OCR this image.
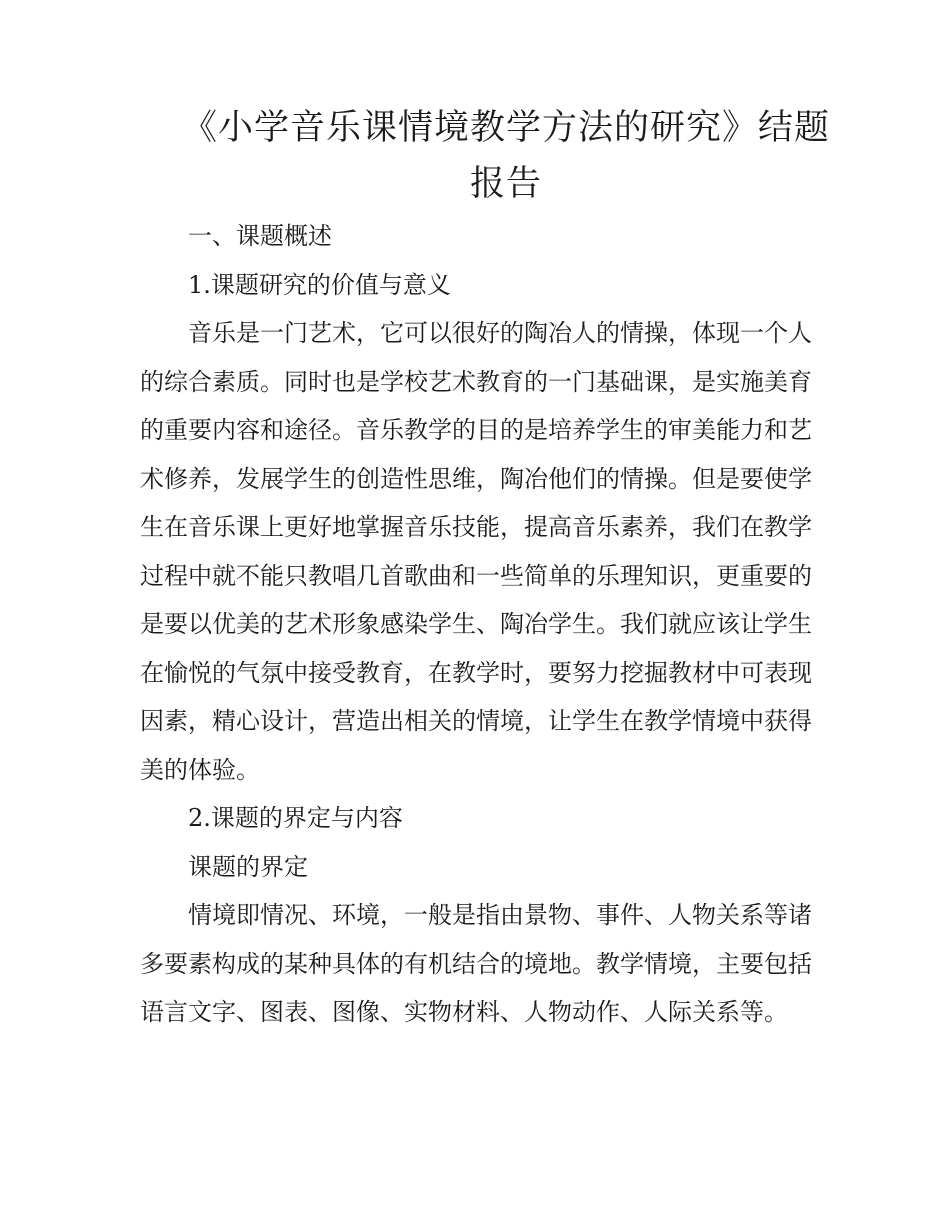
《小学音乐课情境教学方法的研究》结题
报告

一、课题概述

1.课题研究的价值与意义

音乐是一门艺术，它可以很好的陶冶人的情操，体现一个人的综合素质。同时也是学校艺术教育的一门基础课，是实施美育的重要内容和途径。音乐教学的目的是培养学生的审美能力和艺术修养，发展学生的创造性思维，陶冶他们的情操。但是要使学生在音乐课上更好地掌握音乐技能，提高音乐素养，我们在教学过程中就不能只教唱几首歌曲和一些简单的乐理知识，更重要的是要以优美的艺术形象感染学生、陶冶学生。我们就应该让学生在愉悦的气氛中接受教育，在教学时，要努力挖掘教材中可表现因素，精心设计，营造出相关的情境，让学生在教学情境中获得美的体验。

2.课题的界定与内容

课题的界定

情境即情况、环境，一般是指由景物、事件、人物关系等诸多要素构成的某种具体的有机结合的境地。教学情境，主要包括语言文字、图表、图像、实物材料、人物动作、人际关系等。
